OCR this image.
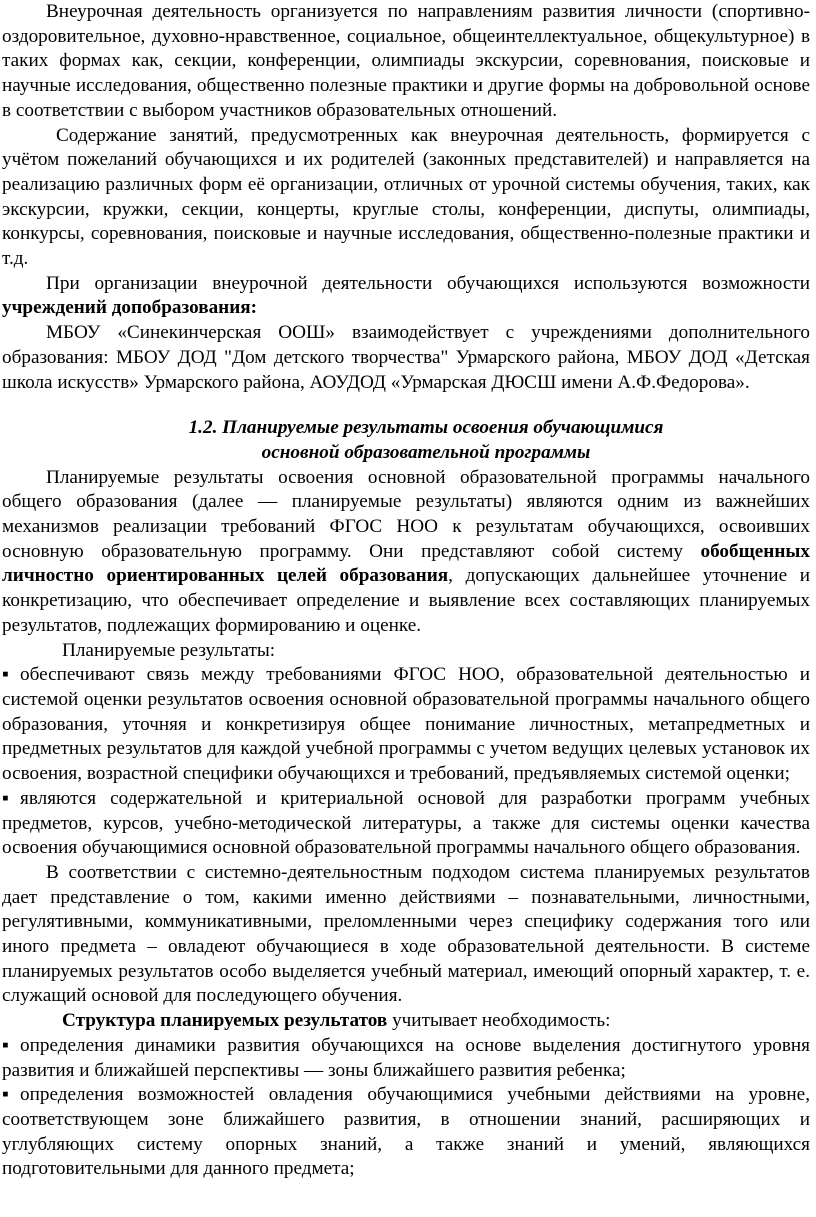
Внеурочная деятельность организуется по направлениям развития личности (спортивно-оздоровительное, духовно-нравственное, социальное, общеинтеллектуальное, общекультурное) в таких формах как, секции, конференции, олимпиады экскурсии, соревнования, поисковые и научные исследования, общественно полезные практики и другие формы на добровольной основе в соответствии с выбором участников образовательных отношений.

Содержание занятий, предусмотренных как внеурочная деятельность, формируется с учётом пожеланий обучающихся и их родителей (законных представителей) и направляется на реализацию различных форм её организации, отличных от урочной системы обучения, таких, как экскурсии, кружки, секции, концерты, круглые столы, конференции, диспуты, олимпиады, конкурсы, соревнования, поисковые и научные исследования, общественно-полезные практики и т.д.

При организации внеурочной деятельности обучающихся используются возможности учреждений допобразования:

МБОУ «Синекинчерская ООШ» взаимодействует с учреждениями дополнительного образования: МБОУ ДОД "Дом детского творчества" Урмарского района, МБОУ ДОД «Детская школа искусств» Урмарского района, АОУДОД «Урмарская ДЮСШ имени А.Ф.Федорова».

1.2. Планируемые результаты освоения обучающимися
основной образовательной программы

Планируемые результаты освоения основной образовательной программы начального общего образования (далее — планируемые результаты) являются одним из важнейших механизмов реализации требований ФГОС НОО к результатам обучающихся, освоивших основную образовательную программу. Они представляют собой систему обобщенных личностно ориентированных целей образования, допускающих дальнейшее уточнение и конкретизацию, что обеспечивает определение и выявление всех составляющих планируемых результатов, подлежащих формированию и оценке.

Планируемые результаты:

▪ обеспечивают связь между требованиями ФГОС НОО, образовательной деятельностью и системой оценки результатов освоения основной образовательной программы начального общего образования, уточняя и конкретизируя общее понимание личностных, метапредметных и предметных результатов для каждой учебной программы с учетом ведущих целевых установок их освоения, возрастной специфики обучающихся и требований, предъявляемых системой оценки;

▪ являются содержательной и критериальной основой для разработки программ учебных предметов, курсов, учебно-методической литературы, а также для системы оценки качества освоения обучающимися основной образовательной программы начального общего образования.

В соответствии с системно-деятельностным подходом система планируемых результатов дает представление о том, какими именно действиями – познавательными, личностными, регулятивными, коммуникативными, преломленными через специфику содержания того или иного предмета – овладеют обучающиеся в ходе образовательной деятельности. В системе планируемых результатов особо выделяется учебный материал, имеющий опорный характер, т. е. служащий основой для последующего обучения.

Структура планируемых результатов учитывает необходимость:

▪ определения динамики развития обучающихся на основе выделения достигнутого уровня развития и ближайшей перспективы — зоны ближайшего развития ребенка;

▪ определения возможностей овладения обучающимися учебными действиями на уровне, соответствующем зоне ближайшего развития, в отношении знаний, расширяющих и углубляющих систему опорных знаний, а также знаний и умений, являющихся подготовительными для данного предмета;
